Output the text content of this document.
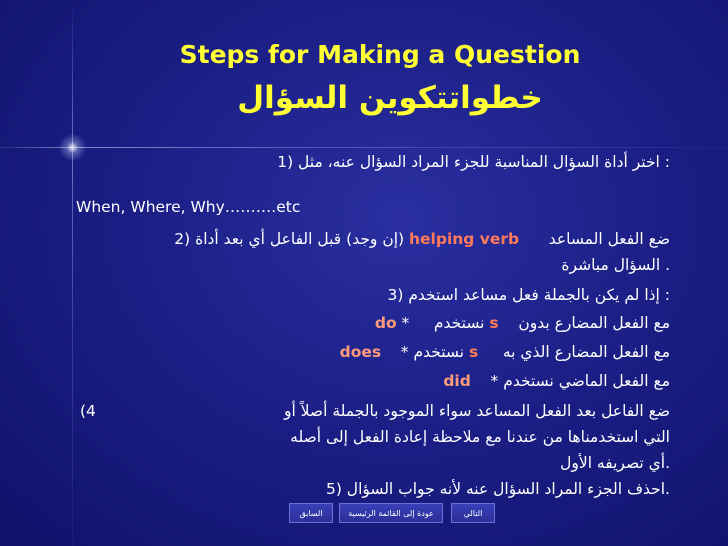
Steps for Making a Question
خطواتتكوين السؤال
: اختر أداة السؤال المناسبة للجزء المراد السؤال عنه، مثل (1
When, Where, Why……….etc
ضع الفعل المساعد      helping verb (إن وجد) قبل الفاعل أي بعد أداة (2
. السؤال مباشرة
: إذا لم يكن بالجملة فعل مساعد استخدم (3
مع الفعل المضارع بدون    s نستخدم     * do
مع الفعل المضارع الذي به     s نستخدم *    does
مع الفعل الماضي نستخدم *    did
(4	ضع الفاعل بعد الفعل المساعد سواء الموجود بالجملة أصلاً أو
التي استخدمناها من عندنا مع ملاحظة إعادة الفعل إلى أصله
.أي تصريفه الأول
.احذف الجزء المراد السؤال عنه لأنه جواب السؤال (5
السابق	عودة إلى القائمة الرئيسية	التالي
